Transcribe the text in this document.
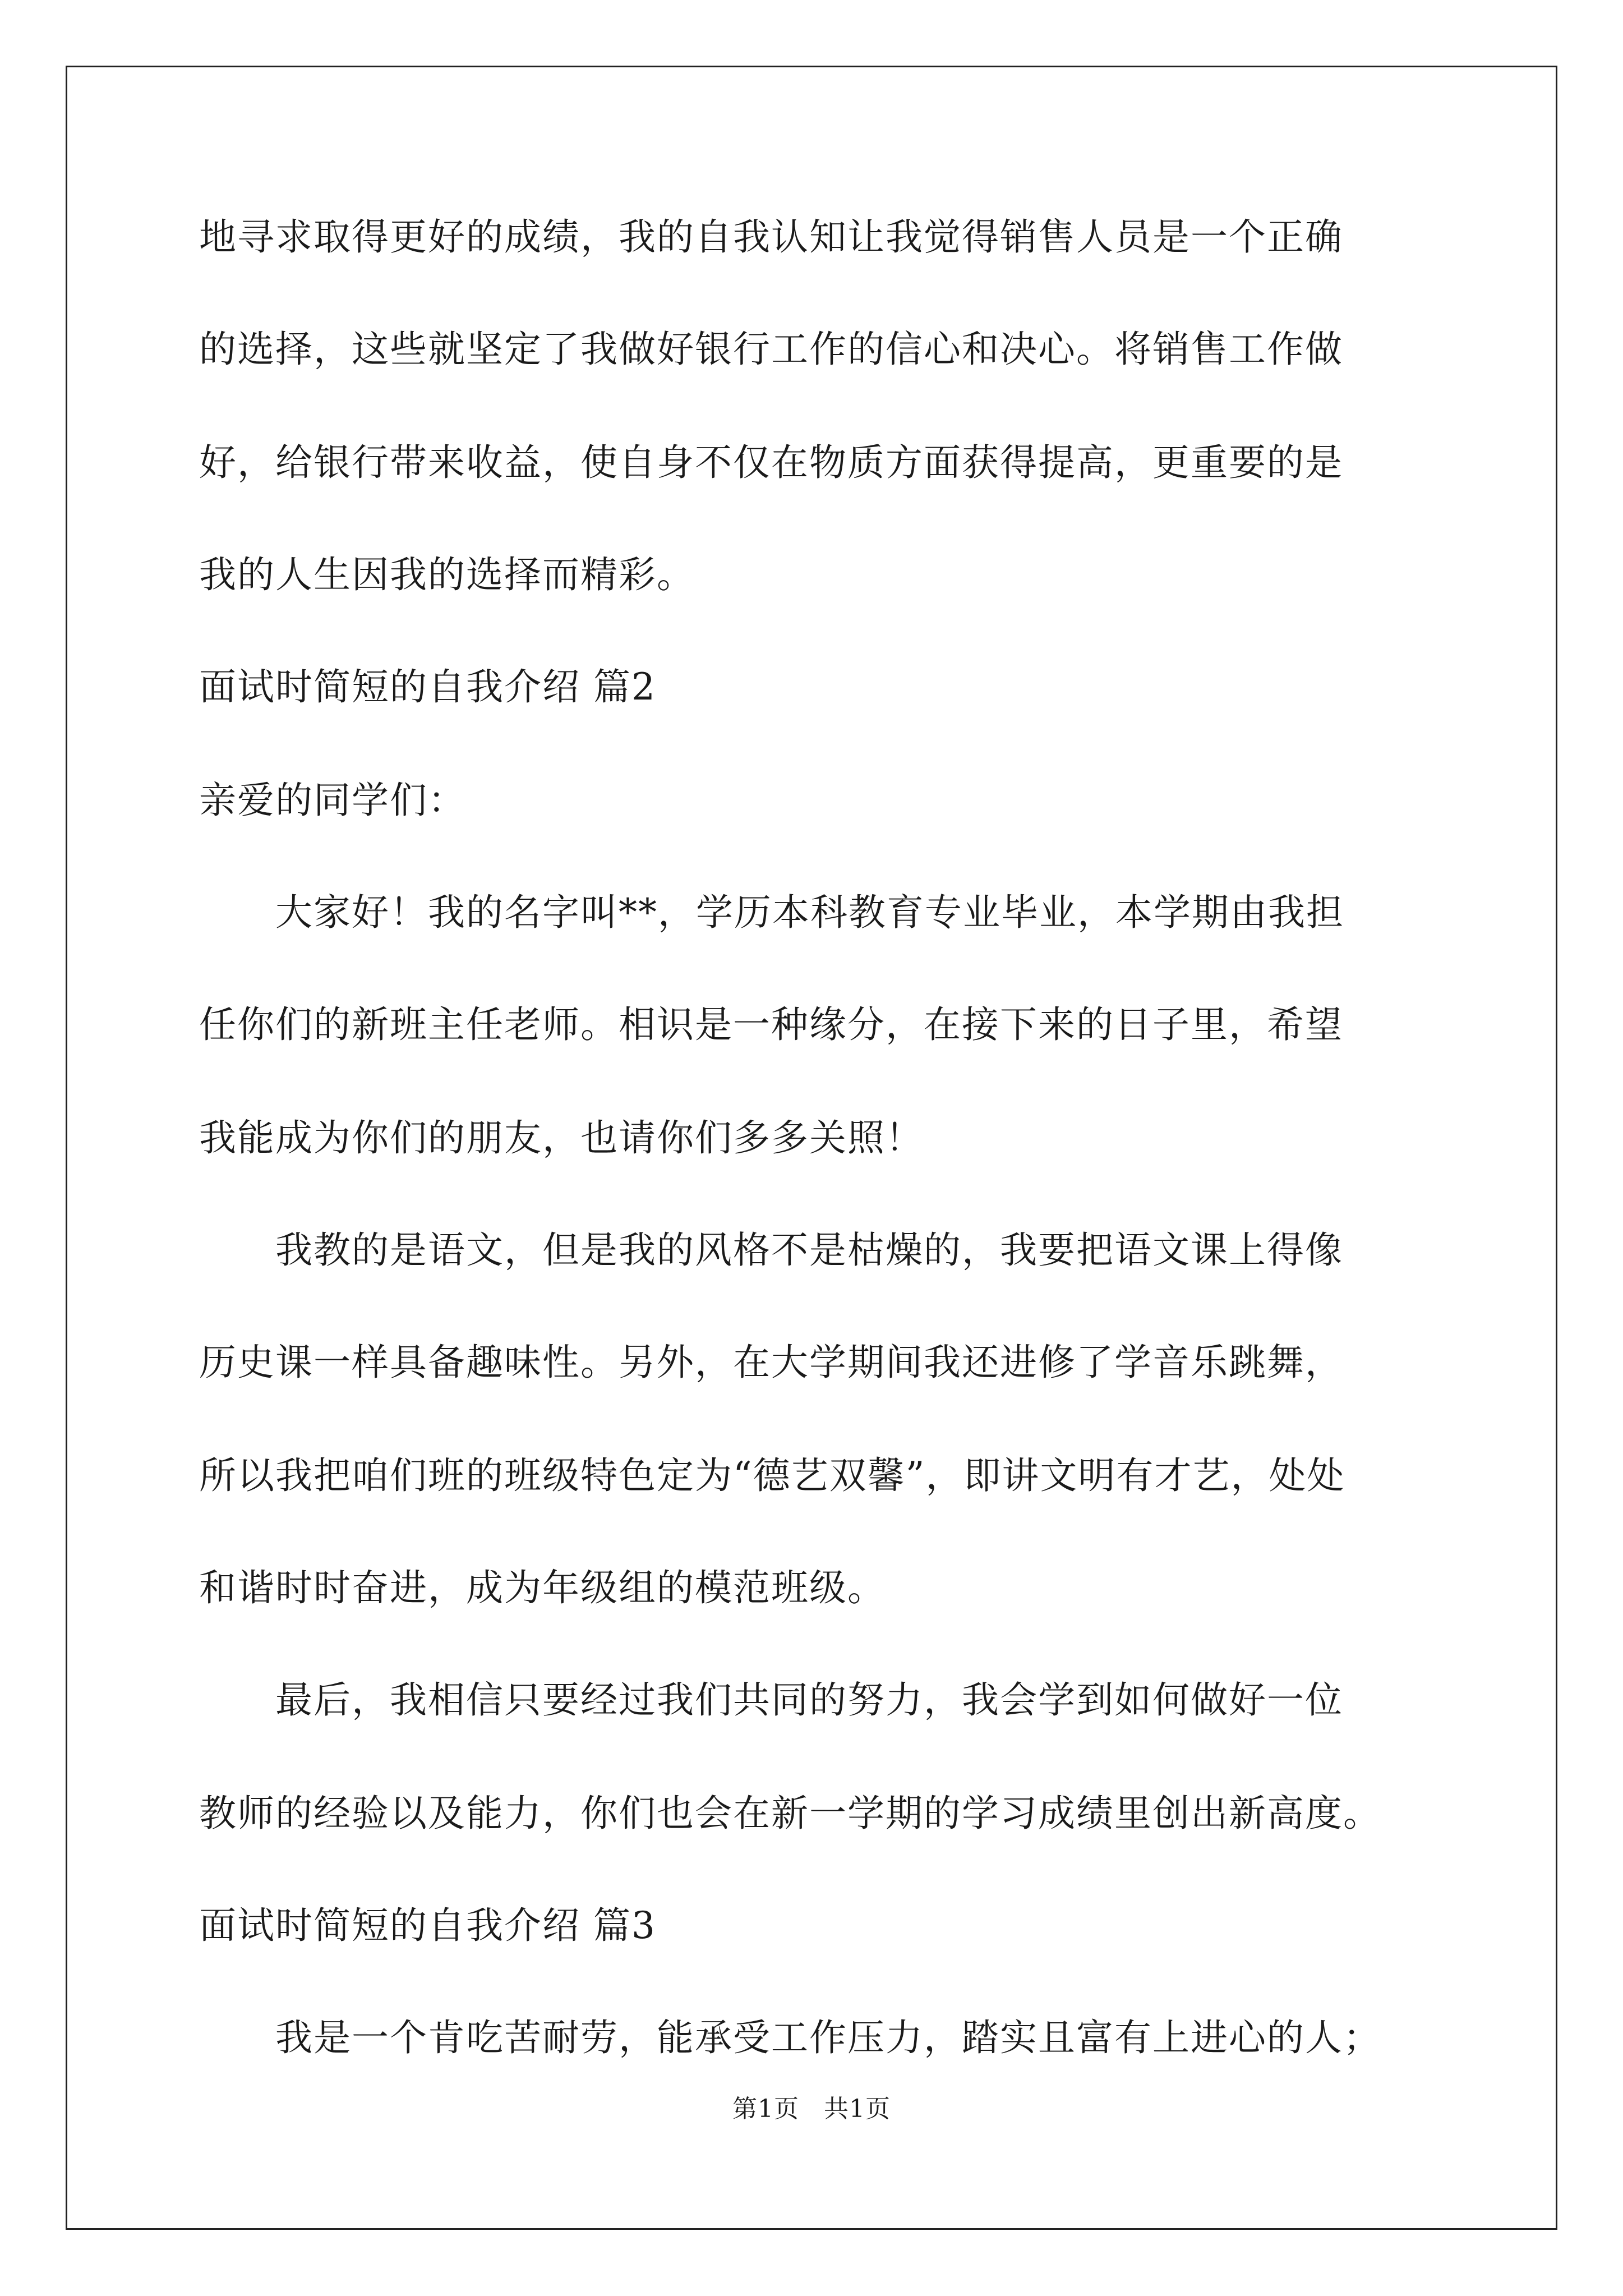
地寻求取得更好的成绩，我的自我认知让我觉得销售人员是一个正确

的选择，这些就坚定了我做好银行工作的信心和决心。将销售工作做

好，给银行带来收益，使自身不仅在物质方面获得提高，更重要的是

我的人生因我的选择而精彩。

面试时简短的自我介绍 篇2

亲爱的同学们：

　　大家好！我的名字叫**，学历本科教育专业毕业，本学期由我担

任你们的新班主任老师。相识是一种缘分，在接下来的日子里，希望

我能成为你们的朋友，也请你们多多关照！

　　我教的是语文，但是我的风格不是枯燥的，我要把语文课上得像

历史课一样具备趣味性。另外，在大学期间我还进修了学音乐跳舞，

所以我把咱们班的班级特色定为“德艺双馨”，即讲文明有才艺，处处

和谐时时奋进，成为年级组的模范班级。

　　最后，我相信只要经过我们共同的努力，我会学到如何做好一位

教师的经验以及能力，你们也会在新一学期的学习成绩里创出新高度。

面试时简短的自我介绍 篇3

　　我是一个肯吃苦耐劳，能承受工作压力，踏实且富有上进心的人；

第1页 共1页
